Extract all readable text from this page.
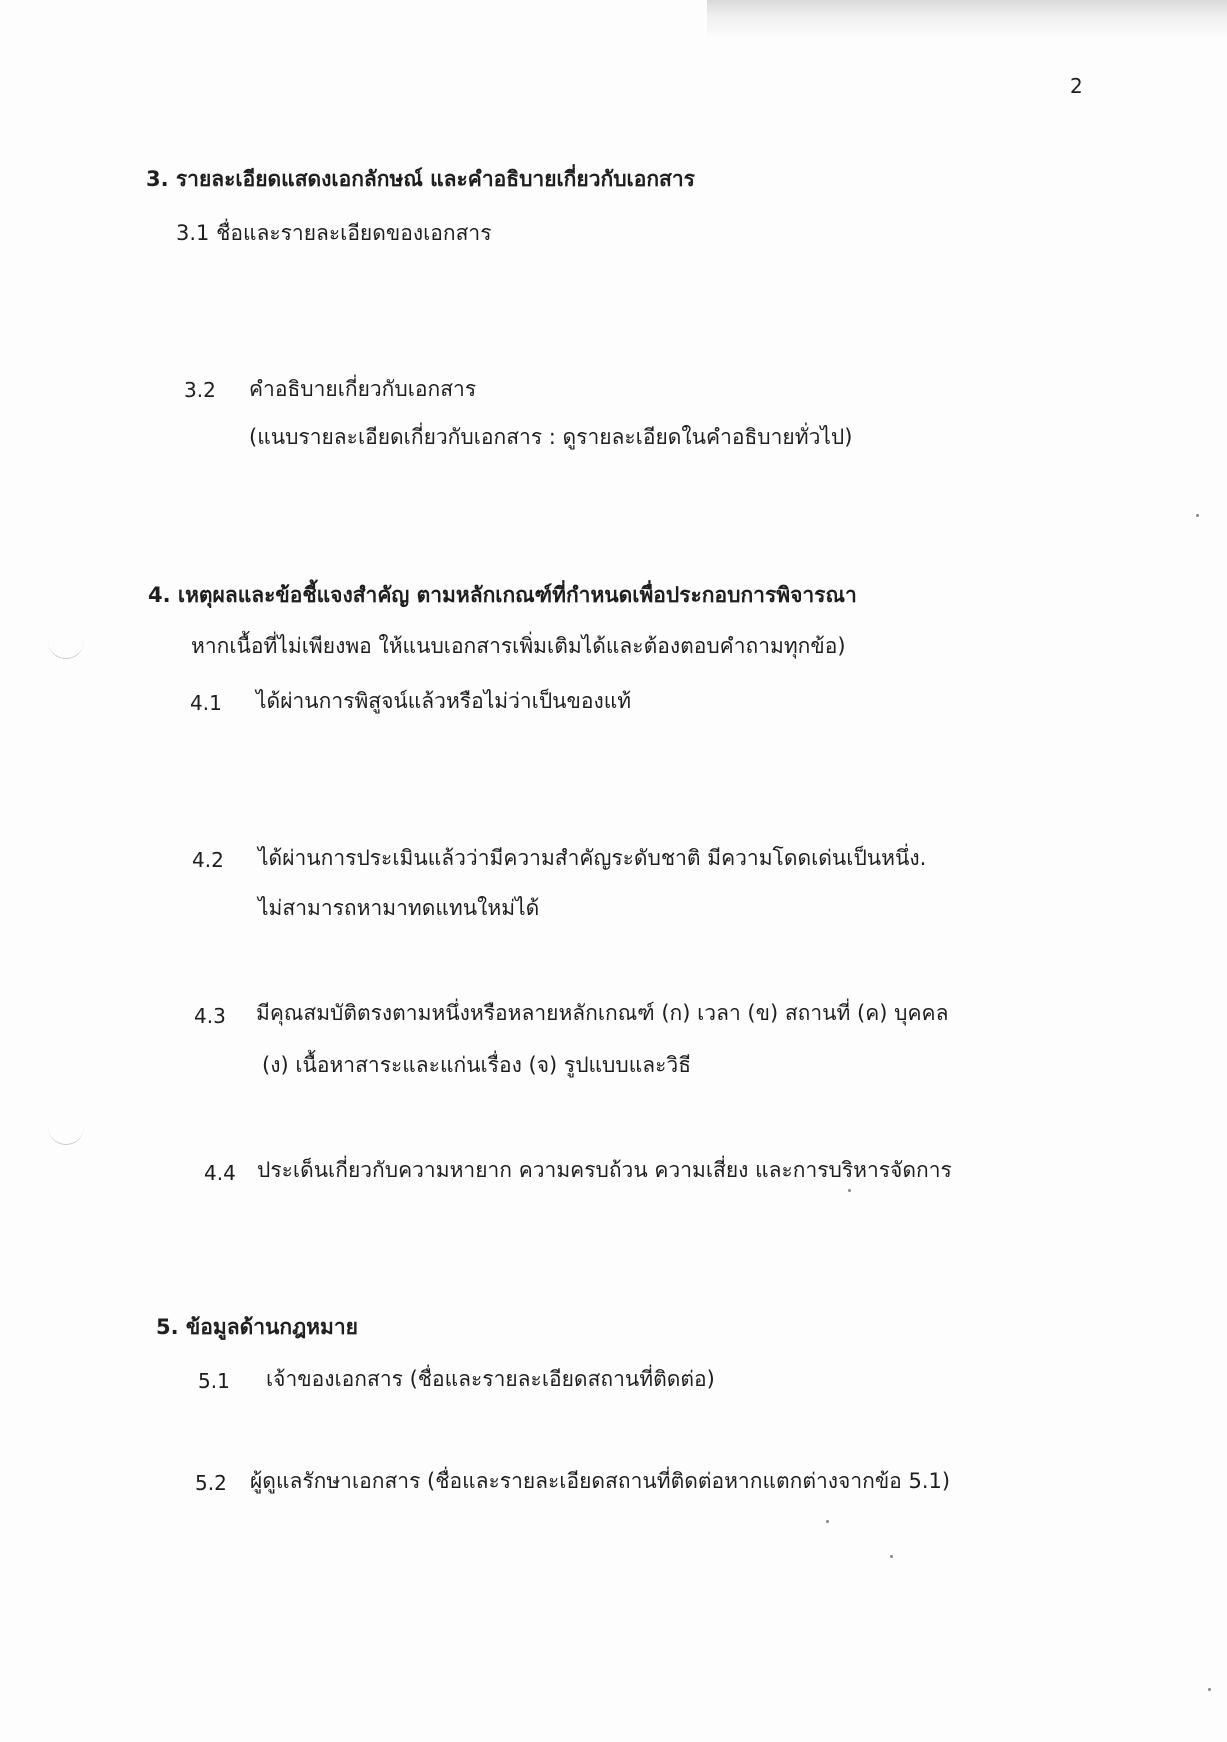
2
3. รายละเอียดแสดงเอกลักษณ์ และคำอธิบายเกี่ยวกับเอกสาร
3.1 ชื่อและรายละเอียดของเอกสาร
3.2 คำอธิบายเกี่ยวกับเอกสาร
(แนบรายละเอียดเกี่ยวกับเอกสาร : ดูรายละเอียดในคำอธิบายทั่วไป)
4. เหตุผลและข้อชี้แจงสำคัญ ตามหลักเกณฑ์ที่กำหนดเพื่อประกอบการพิจารณา
หากเนื้อที่ไม่เพียงพอ ให้แนบเอกสารเพิ่มเติมได้และต้องตอบคำถามทุกข้อ)
4.1 ได้ผ่านการพิสูจน์แล้วหรือไม่ว่าเป็นของแท้
4.2 ได้ผ่านการประเมินแล้วว่ามีความสำคัญระดับชาติ มีความโดดเด่นเป็นหนึ่ง.
ไม่สามารถหามาทดแทนใหม่ได้
4.3 มีคุณสมบัติตรงตามหนึ่งหรือหลายหลักเกณฑ์ (ก) เวลา (ข) สถานที่ (ค) บุคคล
(ง) เนื้อหาสาระและแก่นเรื่อง (จ) รูปแบบและวิธี
4.4 ประเด็นเกี่ยวกับความหายาก ความครบถ้วน ความเสี่ยง และการบริหารจัดการ
5. ข้อมูลด้านกฎหมาย
5.1 เจ้าของเอกสาร (ชื่อและรายละเอียดสถานที่ติดต่อ)
5.2 ผู้ดูแลรักษาเอกสาร (ชื่อและรายละเอียดสถานที่ติดต่อหากแตกต่างจากข้อ 5.1)
